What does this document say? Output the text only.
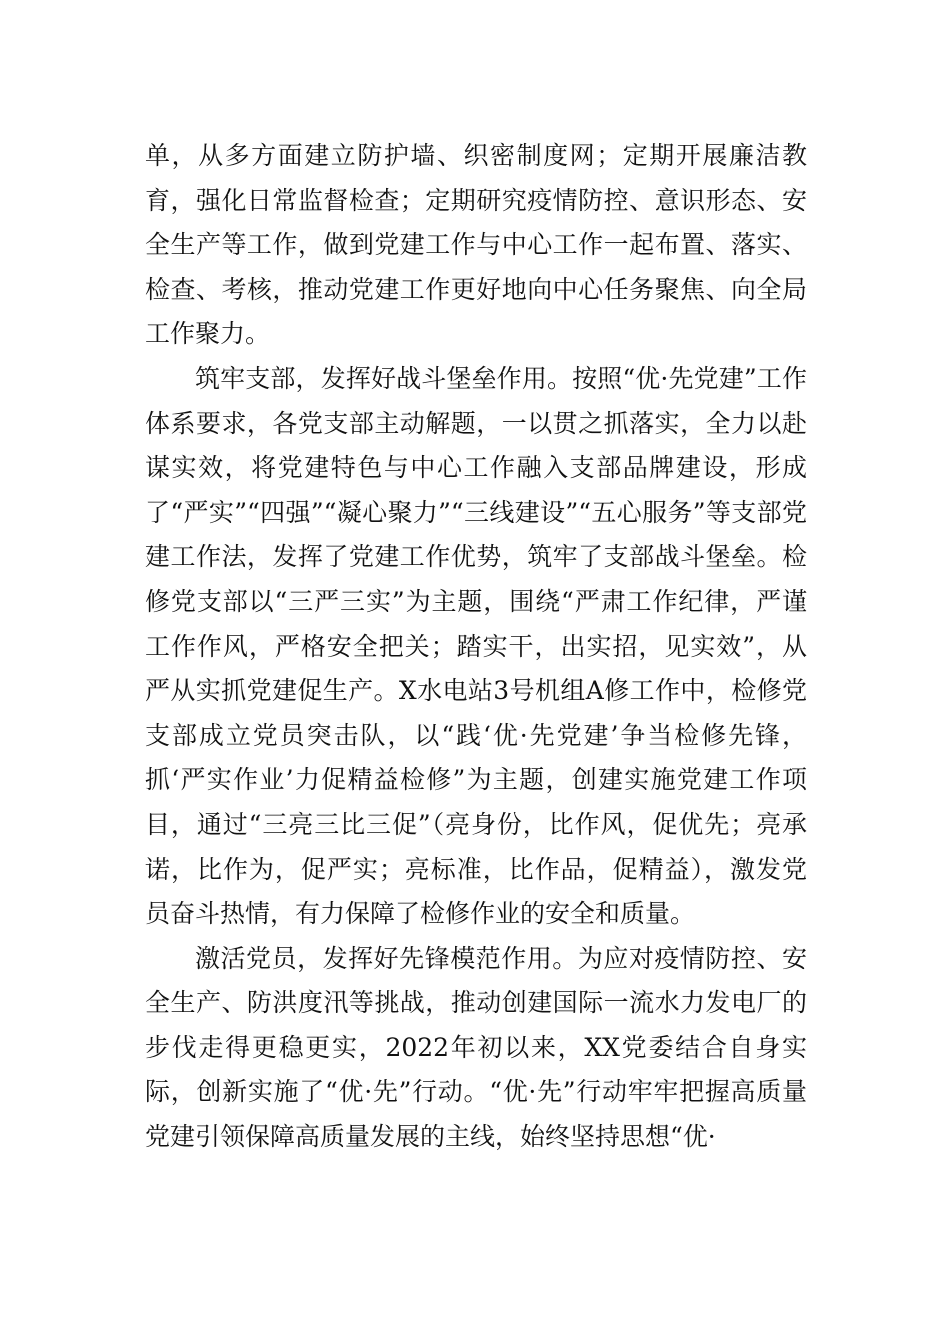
单，从多方面建立防护墙、织密制度网；定期开展廉洁教育，强化日常监督检查；定期研究疫情防控、意识形态、安全生产等工作，做到党建工作与中心工作一起布置、落实、检查、考核，推动党建工作更好地向中心任务聚焦、向全局工作聚力。

筑牢支部，发挥好战斗堡垒作用。按照“优·先党建”工作体系要求，各党支部主动解题，一以贯之抓落实，全力以赴谋实效，将党建特色与中心工作融入支部品牌建设，形成了“严实”“四强”“凝心聚力”“三线建设”“五心服务”等支部党建工作法，发挥了党建工作优势，筑牢了支部战斗堡垒。检修党支部以“三严三实”为主题，围绕“严肃工作纪律，严谨工作作风，严格安全把关；踏实干，出实招，见实效”，从严从实抓党建促生产。X水电站3号机组A修工作中，检修党支部成立党员突击队，以“践‘优·先党建’争当检修先锋，抓‘严实作业’力促精益检修”为主题，创建实施党建工作项目，通过“三亮三比三促”（亮身份，比作风，促优先；亮承诺，比作为，促严实；亮标准，比作品，促精益），激发党员奋斗热情，有力保障了检修作业的安全和质量。

激活党员，发挥好先锋模范作用。为应对疫情防控、安全生产、防洪度汛等挑战，推动创建国际一流水力发电厂的步伐走得更稳更实，2022年初以来，XX党委结合自身实际，创新实施了“优·先”行动。“优·先”行动牢牢把握高质量党建引领保障高质量发展的主线，始终坚持思想“优·
